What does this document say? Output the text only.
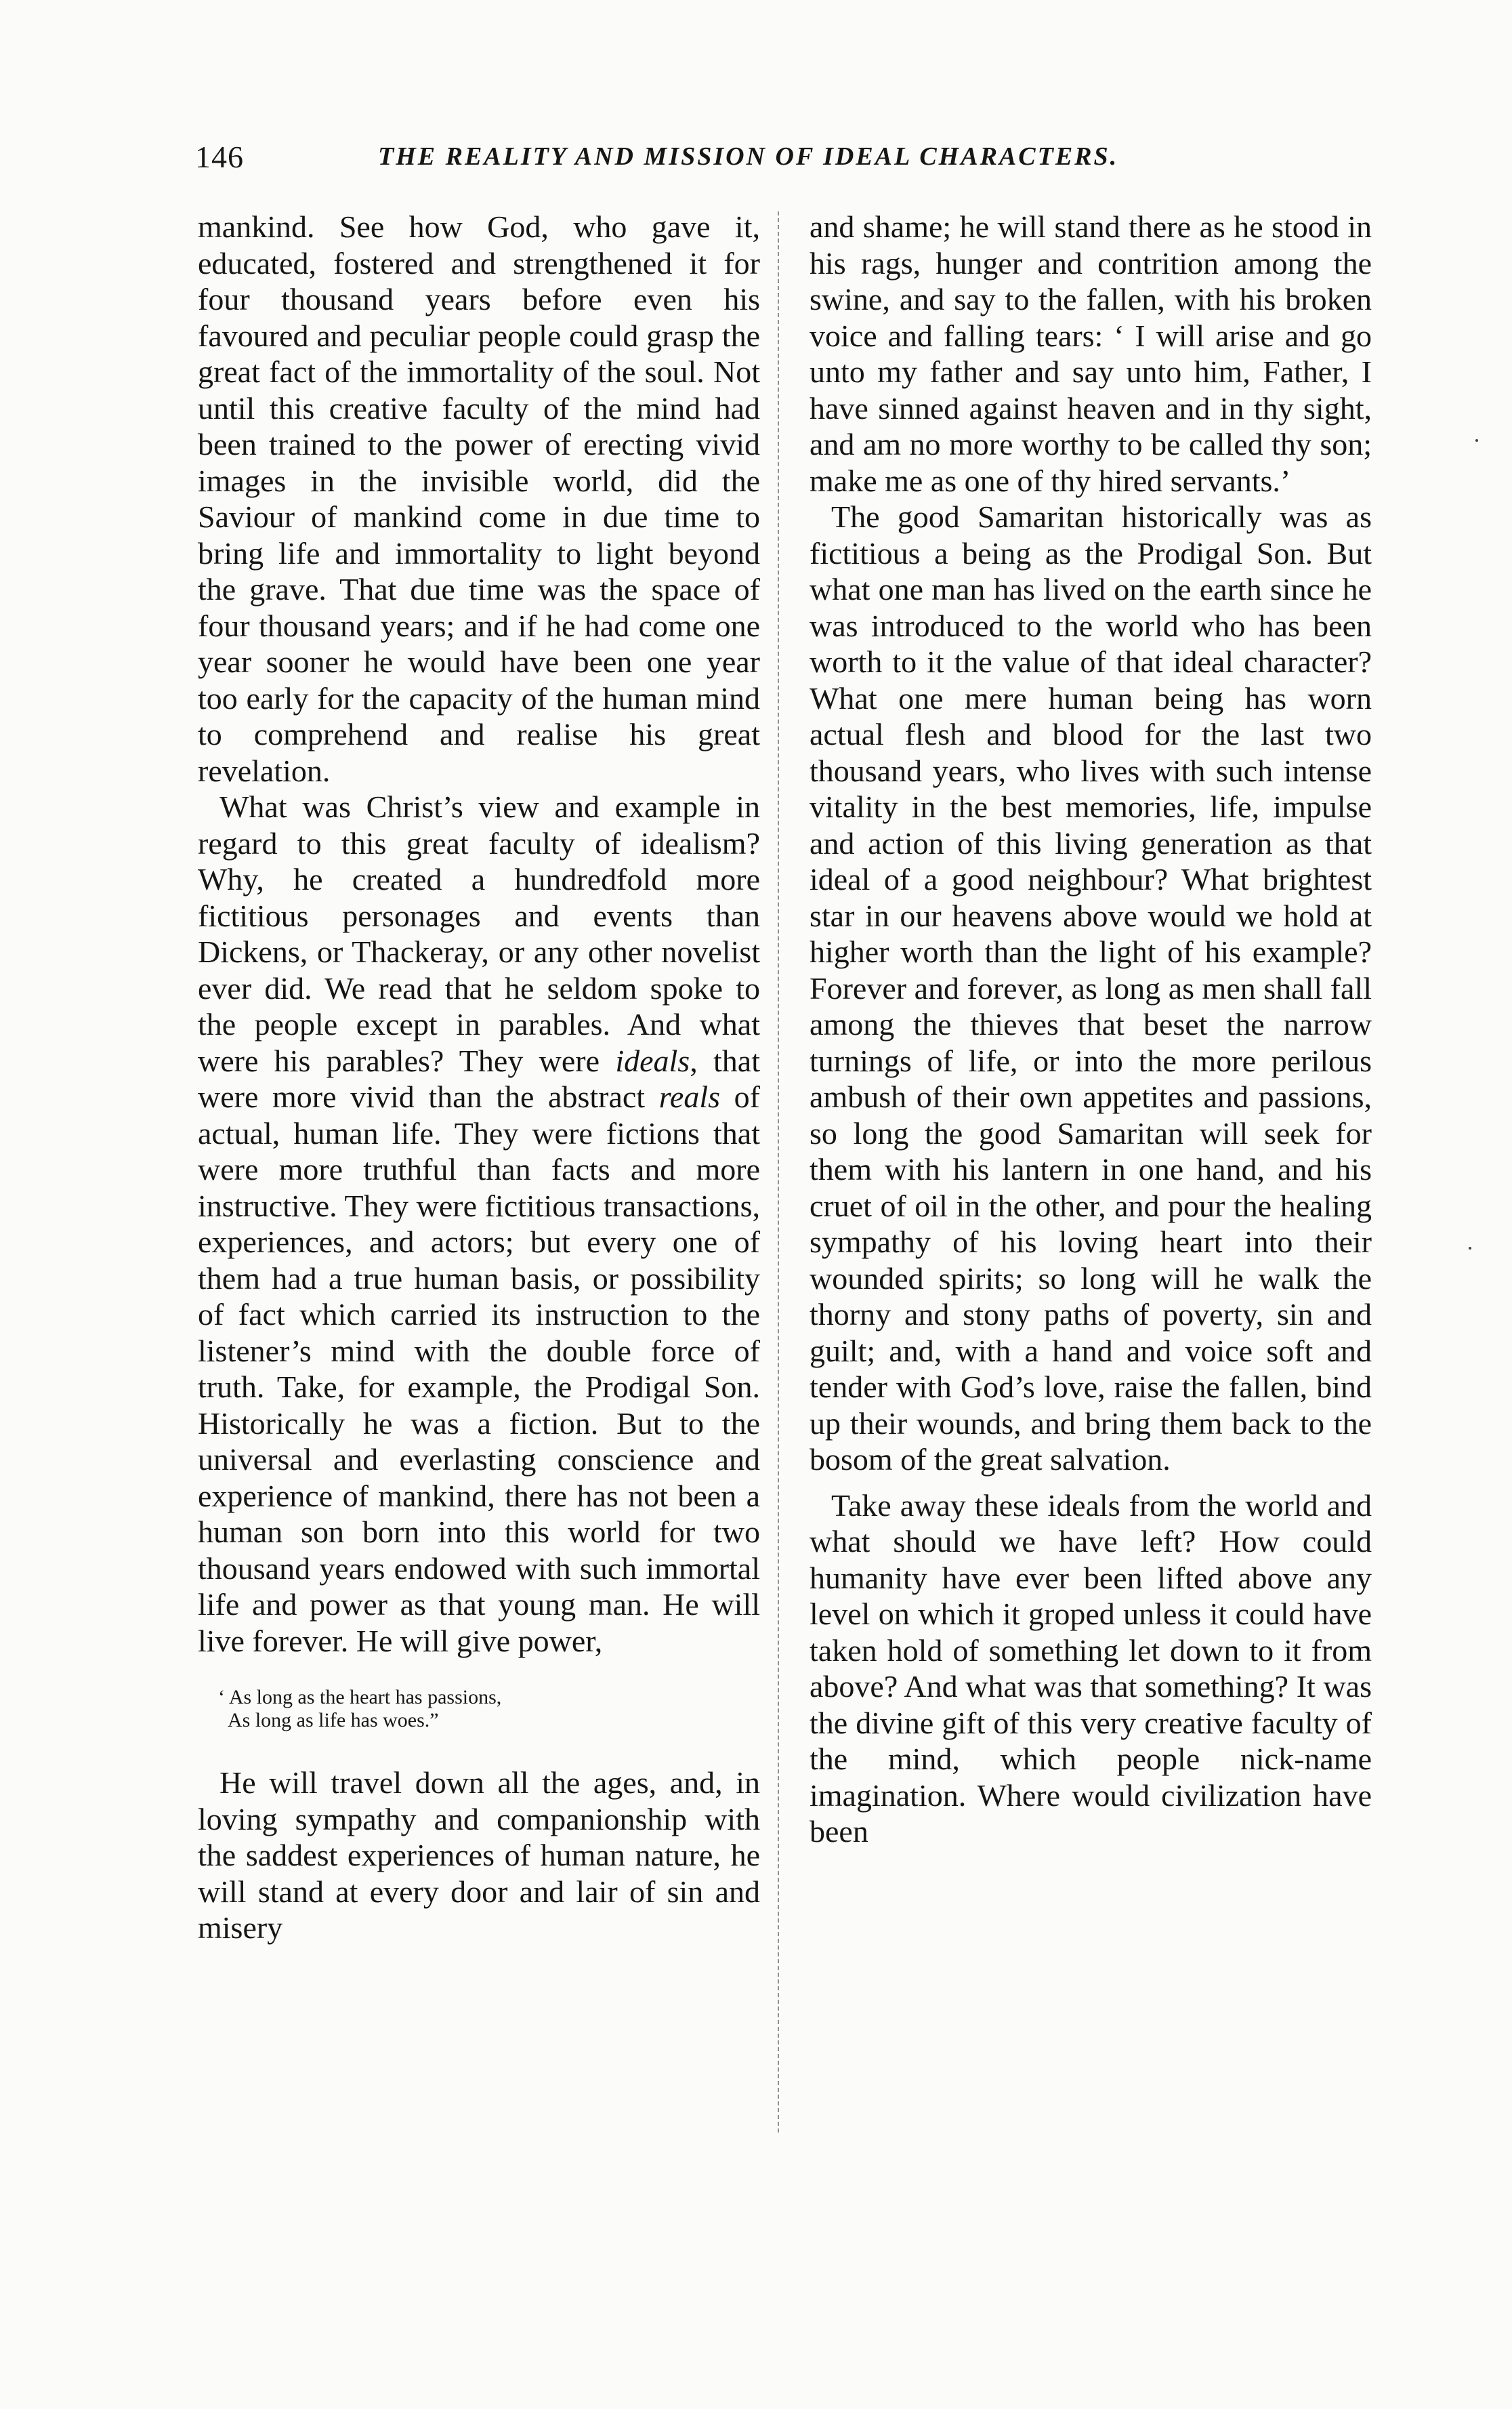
146	THE REALITY AND MISSION OF IDEAL CHARACTERS.

mankind. See how God, who gave it, educated, fostered and strengthened it for four thousand years before even his favoured and peculiar people could grasp the great fact of the immortality of the soul. Not until this creative faculty of the mind had been trained to the power of erecting vivid images in the invisible world, did the Saviour of mankind come in due time to bring life and immortality to light beyond the grave. That due time was the space of four thousand years; and if he had come one year sooner he would have been one year too early for the capacity of the human mind to comprehend and realise his great revelation.

What was Christ’s view and example in regard to this great faculty of idealism? Why, he created a hundredfold more fictitious personages and events than Dickens, or Thackeray, or any other novelist ever did. We read that he seldom spoke to the people except in parables. And what were his parables? They were ideals, that were more vivid than the abstract reals of actual, human life. They were fictions that were more truthful than facts and more instructive. They were fictitious transactions, experiences, and actors; but every one of them had a true human basis, or possibility of fact which carried its instruction to the listener’s mind with the double force of truth. Take, for example, the Prodigal Son. Historically he was a fiction. But to the universal and everlasting conscience and experience of mankind, there has not been a human son born into this world for two thousand years endowed with such immortal life and power as that young man. He will live forever. He will give power,

‘ As long as the heart has passions,
As long as life has woes.”

He will travel down all the ages, and, in loving sympathy and companionship with the saddest experiences of human nature, he will stand at every door and lair of sin and misery

and shame; he will stand there as he stood in his rags, hunger and contrition among the swine, and say to the fallen, with his broken voice and falling tears: ‘ I will arise and go unto my father and say unto him, Father, I have sinned against heaven and in thy sight, and am no more worthy to be called thy son; make me as one of thy hired servants.’

The good Samaritan historically was as fictitious a being as the Prodigal Son. But what one man has lived on the earth since he was introduced to the world who has been worth to it the value of that ideal character? What one mere human being has worn actual flesh and blood for the last two thousand years, who lives with such intense vitality in the best memories, life, impulse and action of this living generation as that ideal of a good neighbour? What brightest star in our heavens above would we hold at higher worth than the light of his example? Forever and forever, as long as men shall fall among the thieves that beset the narrow turnings of life, or into the more perilous ambush of their own appetites and passions, so long the good Samaritan will seek for them with his lantern in one hand, and his cruet of oil in the other, and pour the healing sympathy of his loving heart into their wounded spirits; so long will he walk the thorny and stony paths of poverty, sin and guilt; and, with a hand and voice soft and tender with God’s love, raise the fallen, bind up their wounds, and bring them back to the bosom of the great salvation.

Take away these ideals from the world and what should we have left? How could humanity have ever been lifted above any level on which it groped unless it could have taken hold of something let down to it from above? And what was that something? It was the divine gift of this very creative faculty of the mind, which people nick-name imagination. Where would civilization have been
